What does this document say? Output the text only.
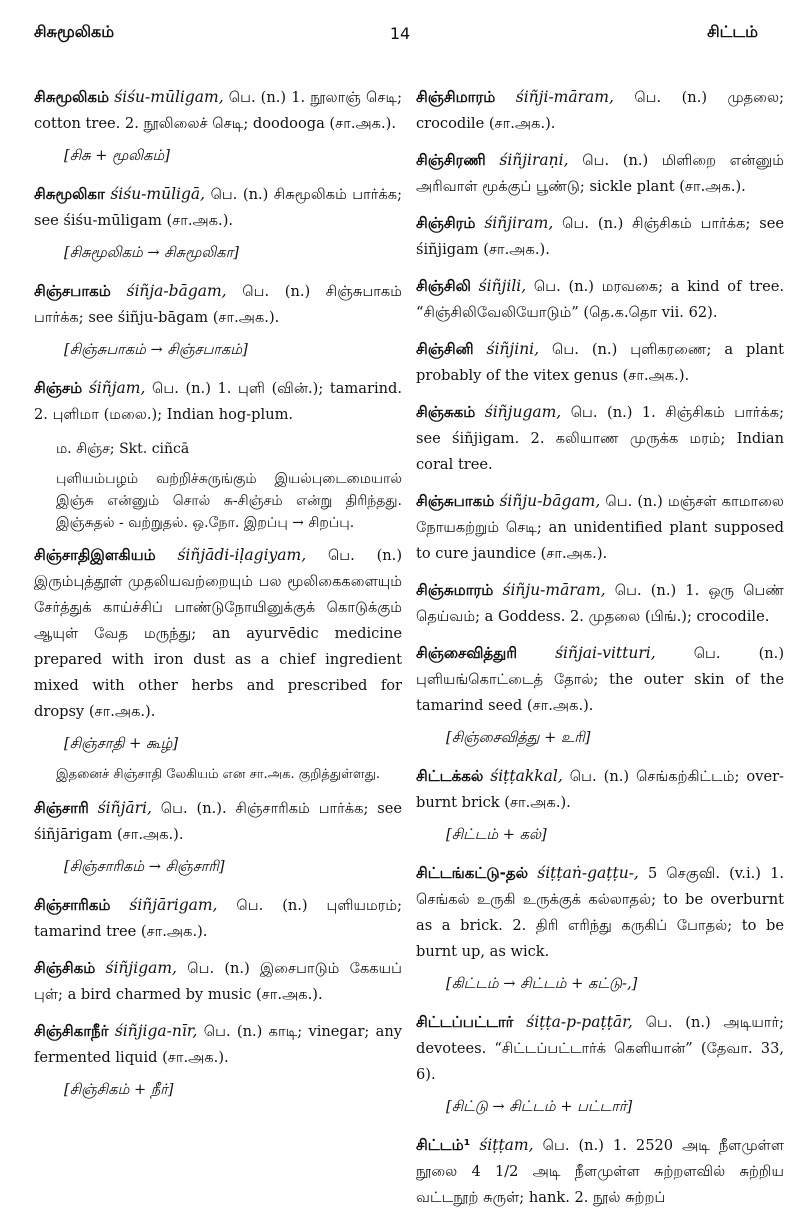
சிசுமூலிகம்	14	சிட்டம்
சிசுமூலிகம் śiśu-mūligam, பெ. (n.) 1. நூலாஞ் செடி; cotton tree. 2. நூலிலைச் செடி; doodooga (சா.அக.).
[சிசு + மூலிகம்]
சிசுமூலிகா śiśu-mūligā, பெ. (n.) சிசுமூலிகம் பார்க்க; see śiśu-mūligam (சா.அக.).
[சிசுமூலிகம் → சிசுமூலிகா]
சிஞ்சபாகம் śiñja-bāgam, பெ. (n.) சிஞ்சுபாகம் பார்க்க; see śiñju-bāgam (சா.அக.).
[சிஞ்சுபாகம் → சிஞ்சபாகம்]
சிஞ்சம் śiñjam, பெ. (n.) 1. புளி (வின்.); tamarind. 2. புளிமா (மலை.); Indian hog-plum.
ம. சிஞ்ச; Skt. ciñcā
புளியம்பழம் வற்றிச்சுருங்கும் இயல்புடைமையால் இஞ்சு என்னும் சொல் சு-சிஞ்சம் என்று திரிந்தது. இஞ்சுதல் - வற்றுதல். ஒ.நோ. இறப்பு → சிறப்பு.
சிஞ்சாதிஇளகியம் śiñjādi-iḷagiyam, பெ. (n.) இரும்புத்தூள் முதலியவற்றையும் பல மூலிகைகளையும் சேர்த்துக் காய்ச்சிப் பாண்டுநோயினுக்குக் கொடுக்கும் ஆயுள் வேத மருந்து; an ayurvēdic medicine prepared with iron dust as a chief ingredient mixed with other herbs and prescribed for dropsy (சா.அக.).
[சிஞ்சாதி + கூழ்]
இதனைச் சிஞ்சாதி லேகியம் என சா.அக. குறித்துள்ளது.
சிஞ்சாரி śiñjāri, பெ. (n.). சிஞ்சாரிகம் பார்க்க; see śiñjārigam (சா.அக.).
[சிஞ்சாரிகம் → சிஞ்சாரி]
சிஞ்சாரிகம் śiñjārigam, பெ. (n.) புளியமரம்; tamarind tree (சா.அக.).
சிஞ்சிகம் śiñjigam, பெ. (n.) இசைபாடும் கேகயப் புள்; a bird charmed by music (சா.அக.).
சிஞ்சிகாநீர் śiñjiga-nīr, பெ. (n.) காடி; vinegar; any fermented liquid (சா.அக.).
[சிஞ்சிகம் + நீர்]
சிஞ்சிமாரம் śiñji-māram, பெ. (n.) முதலை; crocodile (சா.அக.).
சிஞ்சிரணி śiñjiraṇi, பெ. (n.) மிளிறை என்னும் அரிவாள் மூக்குப் பூண்டு; sickle plant (சா.அக.).
சிஞ்சிரம் śiñjiram, பெ. (n.) சிஞ்சிகம் பார்க்க; see śiñjigam (சா.அக.).
சிஞ்சிலி śiñjili, பெ. (n.) மரவகை; a kind of tree. “சிஞ்சிலிவேலியோடும்” (தெ.க.தொ vii. 62).
சிஞ்சினி śiñjini, பெ. (n.) புளிகரணை; a plant probably of the vitex genus (சா.அக.).
சிஞ்சுகம் śiñjugam, பெ. (n.) 1. சிஞ்சிகம் பார்க்க; see śiñjigam. 2. கலியாண முருக்க மரம்; Indian coral tree.
சிஞ்சுபாகம் śiñju-bāgam, பெ. (n.) மஞ்சள் காமாலை நோயகற்றும் செடி; an unidentified plant supposed to cure jaundice (சா.அக.).
சிஞ்சுமாரம் śiñju-māram, பெ. (n.) 1. ஒரு பெண் தெய்வம்; a Goddess. 2. முதலை (பிங்.); crocodile.
சிஞ்சைவித்துரி śiñjai-vitturi, பெ. (n.) புளியங்கொட்டைத் தோல்; the outer skin of the tamarind seed (சா.அக.).
[சிஞ்சைவித்து + உரி]
சிட்டக்கல் śiṭṭakkal, பெ. (n.) செங்கற்கிட்டம்; over-burnt brick (சா.அக.).
[சிட்டம் + கல்]
சிட்டங்கட்டு-தல் śiṭṭaṅ-gaṭṭu-, 5 செகுவி. (v.i.) 1. செங்கல் உருகி உருக்குக் கல்லாதல்; to be overburnt as a brick. 2. திரி எரிந்து கருகிப் போதல்; to be burnt up, as wick.
[கிட்டம் → சிட்டம் + கட்டு-,]
சிட்டப்பட்டார் śiṭṭa-p-paṭṭār, பெ. (n.) அடியார்; devotees. “சிட்டப்பட்டார்க் கெளியான்” (தேவா. 33, 6).
[சிட்டு → சிட்டம் + பட்டார்]
சிட்டம்¹ śiṭṭam, பெ. (n.) 1. 2520 அடி நீளமுள்ள நூலை 4 1/2 அடி நீளமுள்ள சுற்றளவில் சுற்றிய வட்டநூற் சுருள்; hank. 2. நூல் சுற்றப்
